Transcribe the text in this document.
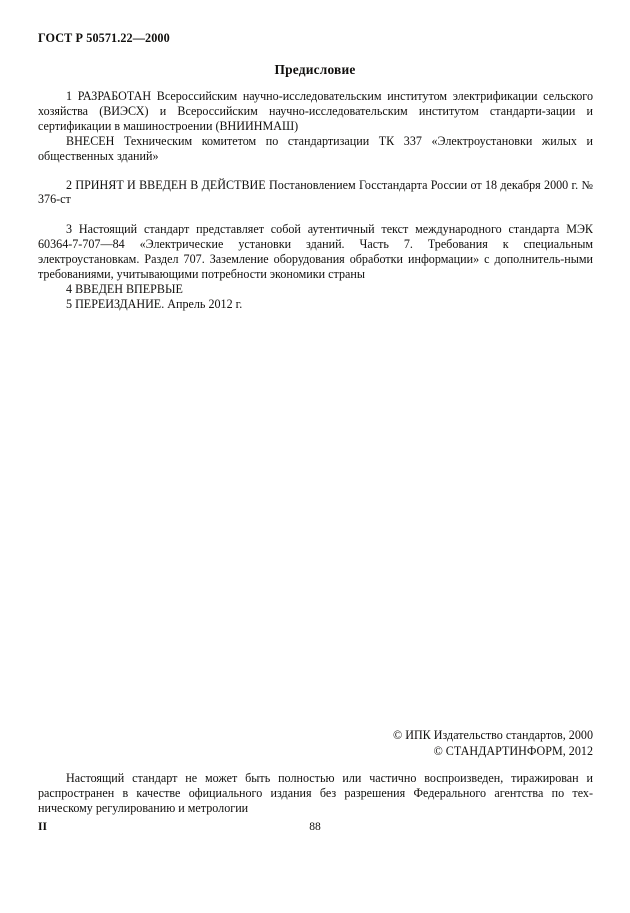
ГОСТ Р 50571.22—2000
Предисловие

1 РАЗРАБОТАН Всероссийским научно-исследовательским институтом электрификации сельского хозяйства (ВИЭСХ) и Всероссийским научно-исследовательским институтом стандарти-зации и сертификации в машиностроении (ВНИИНМАШ)

ВНЕСЕН Техническим комитетом по стандартизации ТК 337 «Электроустановки жилых и общественных зданий»

2 ПРИНЯТ И ВВЕДЕН В ДЕЙСТВИЕ Постановлением Госстандарта России от 18 декабря 2000 г. № 376-ст

3 Настоящий стандарт представляет собой аутентичный текст международного стандарта МЭК 60364-7-707—84 «Электрические установки зданий. Часть 7. Требования к специальным электроустановкам. Раздел 707. Заземление оборудования обработки информации» с дополнитель-ными требованиями, учитывающими потребности экономики страны

4 ВВЕДЕН ВПЕРВЫЕ

5 ПЕРЕИЗДАНИЕ. Апрель 2012 г.

© ИПК Издательство стандартов, 2000
© СТАНДАРТИНФОРМ, 2012

Настоящий стандарт не может быть полностью или частично воспроизведен, тиражирован и распространен в качестве официального издания без разрешения Федерального агентства по тех-ническому регулированию и метрологии

II	88
